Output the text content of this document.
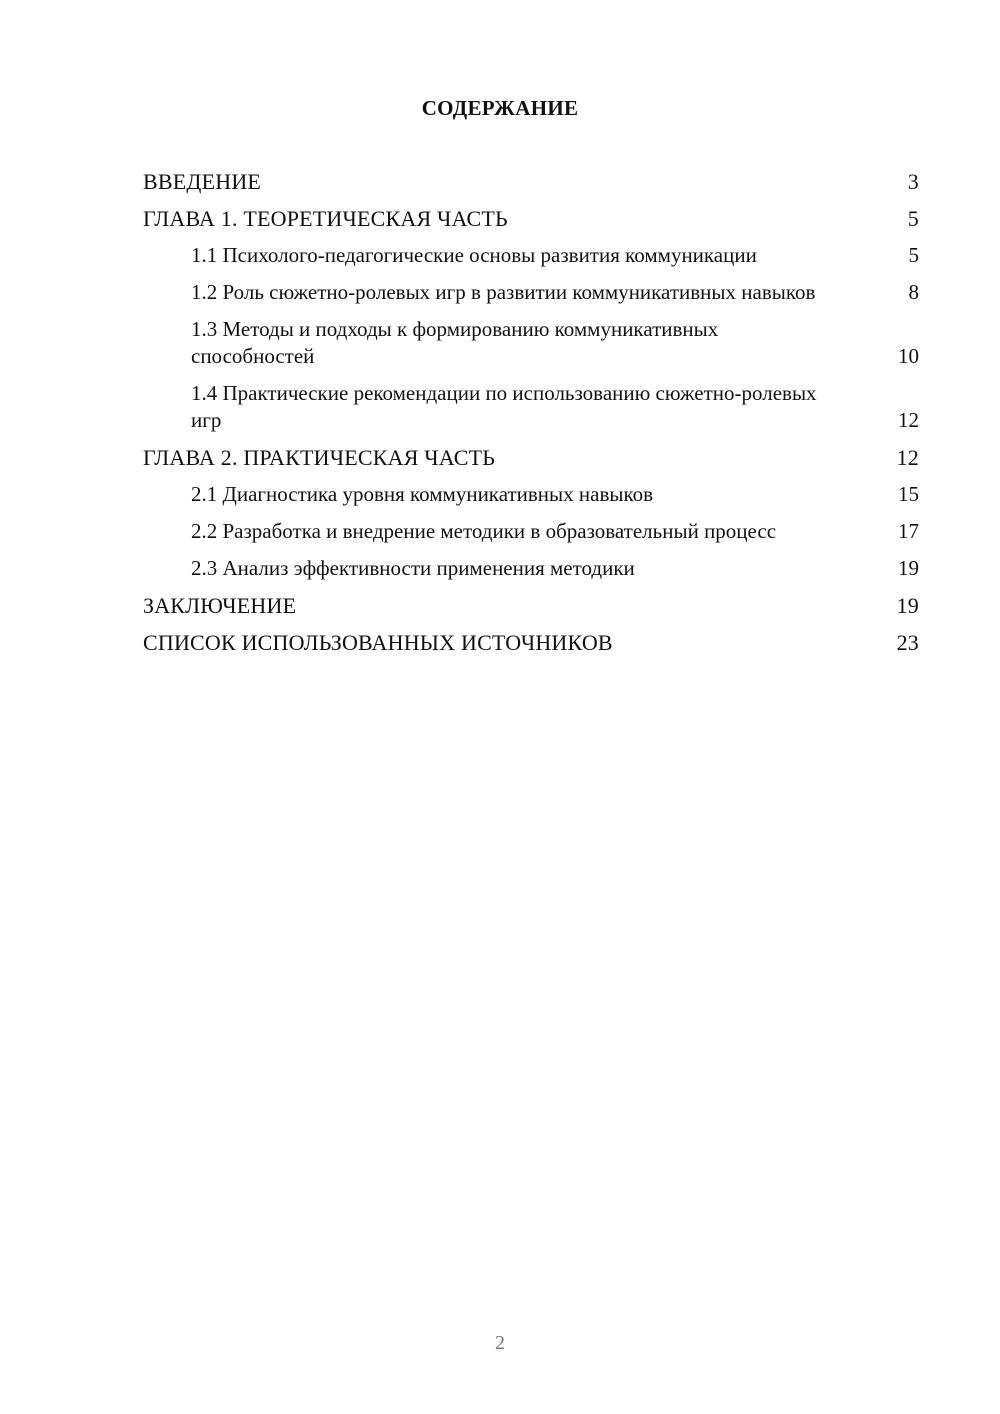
СОДЕРЖАНИЕ
ВВЕДЕНИЕ	3
ГЛАВА 1. ТЕОРЕТИЧЕСКАЯ ЧАСТЬ	5
1.1 Психолого-педагогические основы развития коммуникации	5
1.2 Роль сюжетно-ролевых игр в развитии коммуникативных навыков	8
1.3 Методы и подходы к формированию коммуникативных способностей	10
1.4 Практические рекомендации по использованию сюжетно-ролевых игр	12
ГЛАВА 2. ПРАКТИЧЕСКАЯ ЧАСТЬ	12
2.1 Диагностика уровня коммуникативных навыков	15
2.2 Разработка и внедрение методики в образовательный процесс	17
2.3 Анализ эффективности применения методики	19
ЗАКЛЮЧЕНИЕ	19
СПИСОК ИСПОЛЬЗОВАННЫХ ИСТОЧНИКОВ	23
2
